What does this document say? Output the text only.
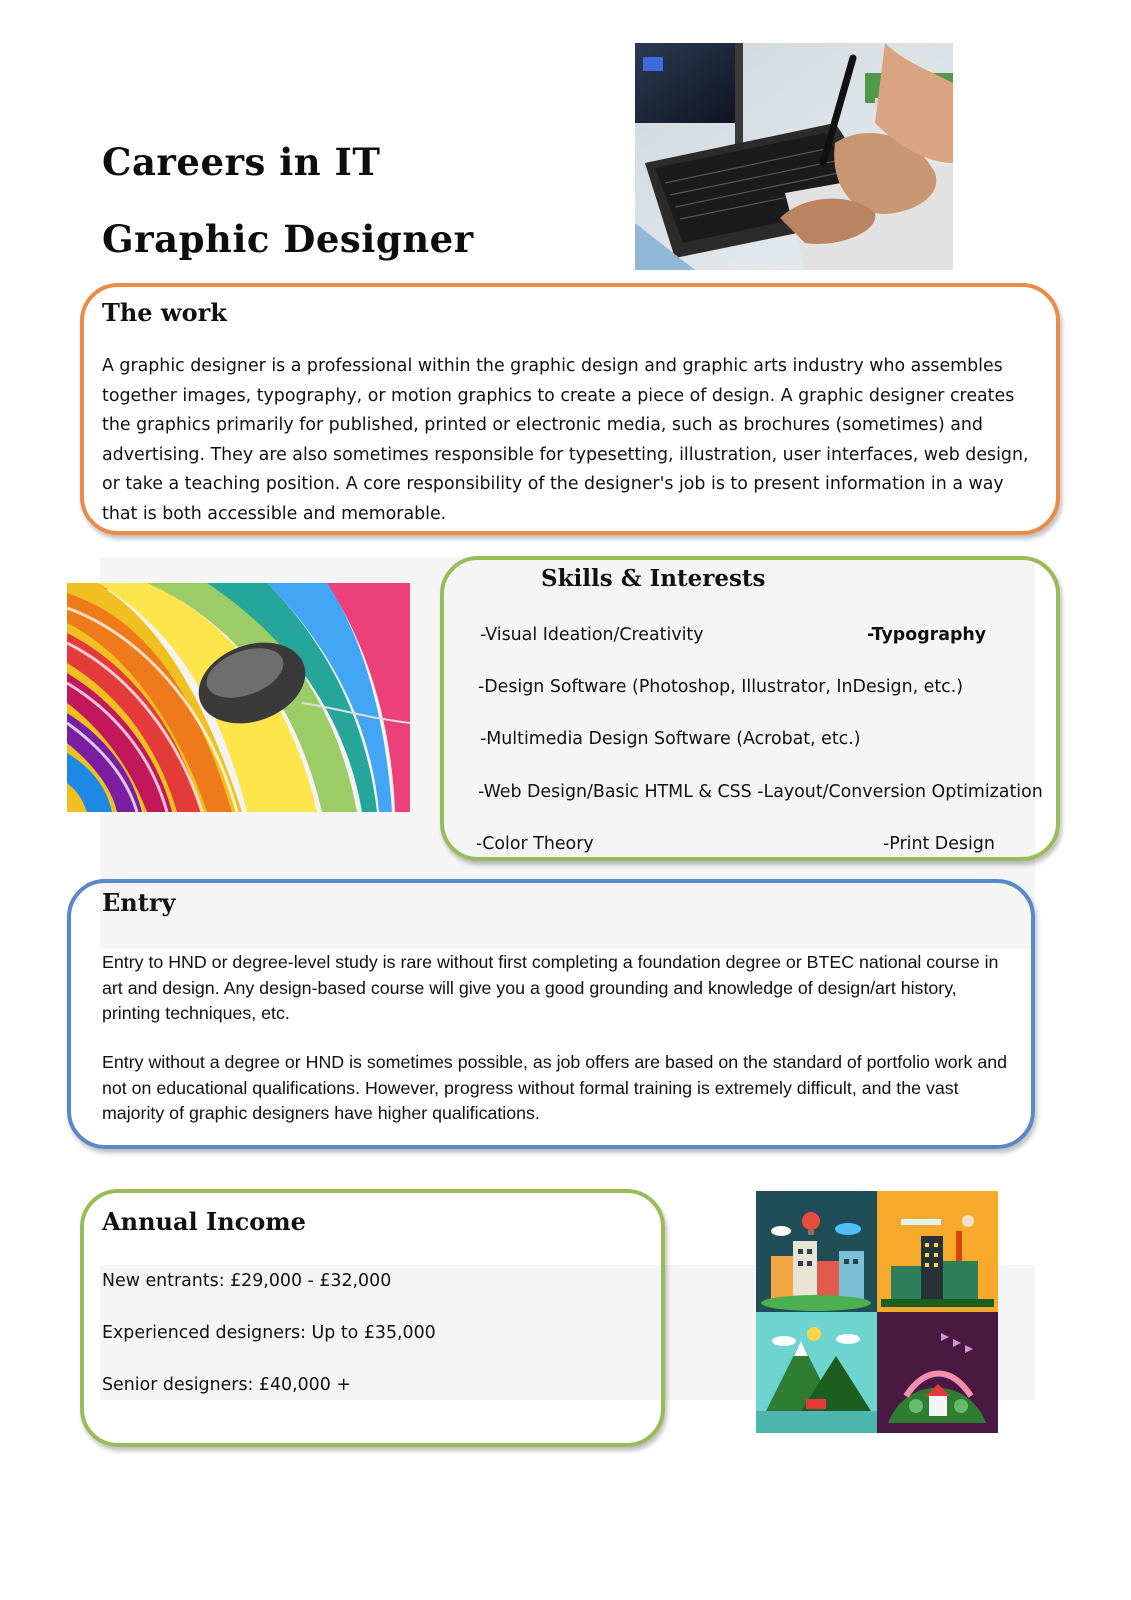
Careers in IT
Graphic Designer
The work
A graphic designer is a professional within the graphic design and graphic arts industry who assembles together images, typography, or motion graphics to create a piece of design. A graphic designer creates the graphics primarily for published, printed or electronic media, such as brochures (sometimes) and advertising. They are also sometimes responsible for typesetting, illustration, user interfaces, web design, or take a teaching position. A core responsibility of the designer's job is to present information in a way that is both accessible and memorable.
Skills & Interests
-Visual Ideation/Creativity	-Typography
-Design Software (Photoshop, Illustrator, InDesign, etc.)
-Multimedia Design Software (Acrobat, etc.)
-Web Design/Basic HTML & CSS -Layout/Conversion Optimization
-Color Theory	-Print Design
Entry
Entry to HND or degree-level study is rare without first completing a foundation degree or BTEC national course in art and design. Any design-based course will give you a good grounding and knowledge of design/art history, printing techniques, etc.
Entry without a degree or HND is sometimes possible, as job offers are based on the standard of portfolio work and not on educational qualifications. However, progress without formal training is extremely difficult, and the vast majority of graphic designers have higher qualifications.
Annual Income
New entrants: £29,000 - £32,000
Experienced designers: Up to £35,000
Senior designers: £40,000 +
